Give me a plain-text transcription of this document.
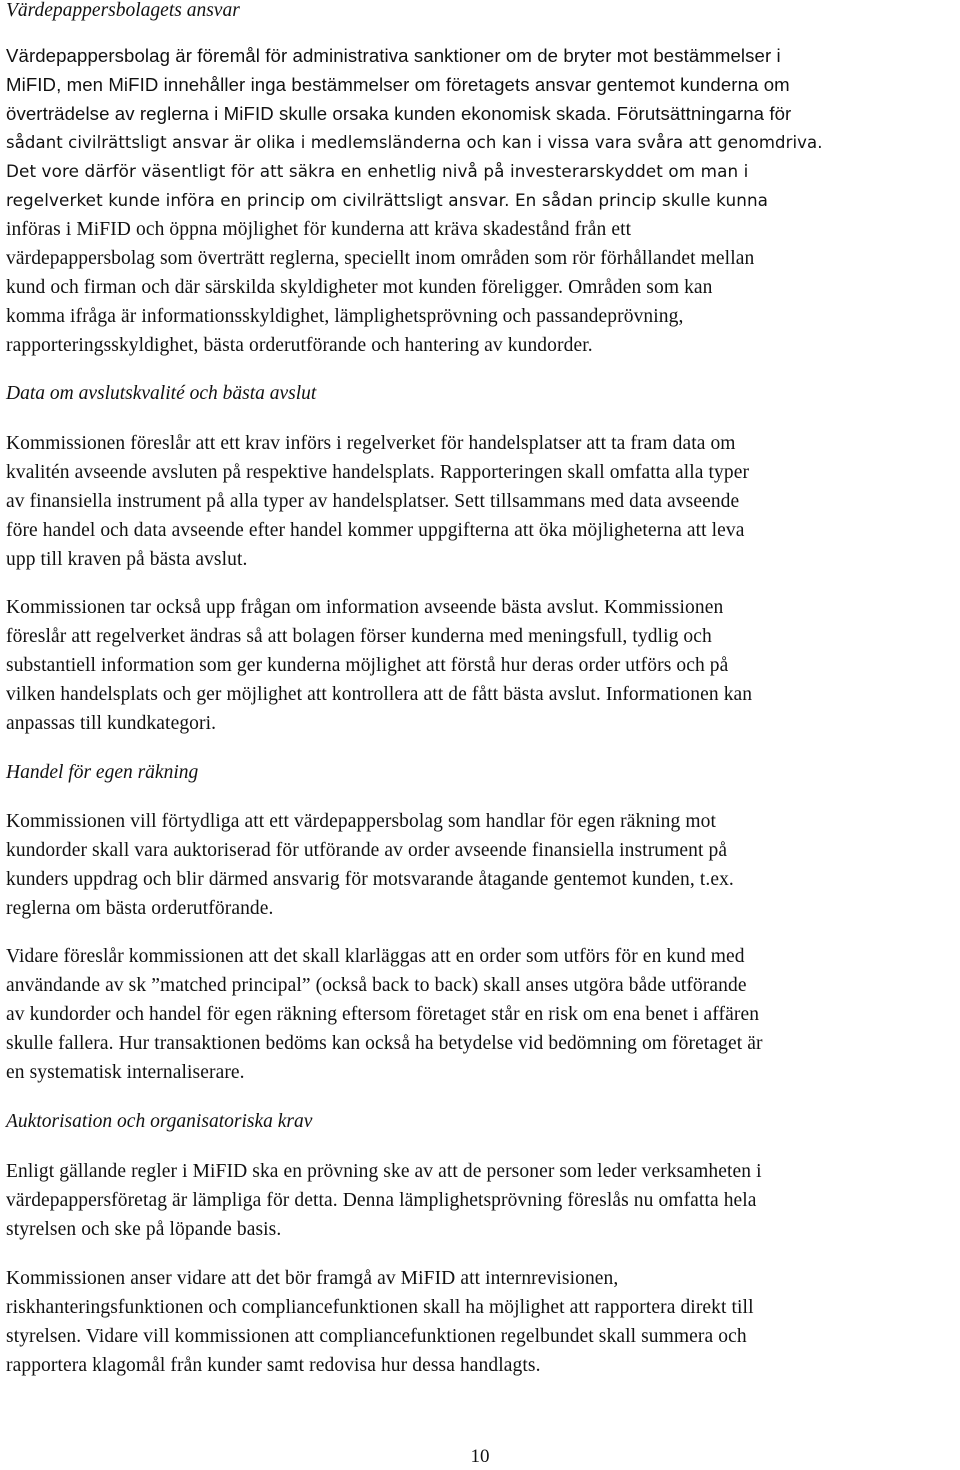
Värdepappersbolagets ansvar
Värdepappersbolag är föremål för administrativa sanktioner om de bryter mot bestämmelser i
MiFID, men MiFID innehåller inga bestämmelser om företagets ansvar gentemot kunderna om
överträdelse av reglerna i MiFID skulle orsaka kunden ekonomisk skada. Förutsättningarna för
sådant civilrättsligt ansvar är olika i medlemsländerna och kan i vissa vara svåra att genomdriva.
Det vore därför väsentligt för att säkra en enhetlig nivå på investerarskyddet om man i
regelverket kunde införa en princip om civilrättsligt ansvar. En sådan princip skulle kunna
införas i MiFID och öppna möjlighet för kunderna att kräva skadestånd från ett
värdepappersbolag som överträtt reglerna, speciellt inom områden som rör förhållandet mellan
kund och firman och där särskilda skyldigheter mot kunden föreligger. Områden som kan
komma ifråga är informationsskyldighet, lämplighetsprövning och passandeprövning,
rapporteringsskyldighet, bästa orderutförande och hantering av kundorder.
Data om avslutskvalité och bästa avslut
Kommissionen föreslår att ett krav införs i regelverket för handelsplatser att ta fram data om
kvalitén avseende avsluten på respektive handelsplats. Rapporteringen skall omfatta alla typer
av finansiella instrument på alla typer av handelsplatser. Sett tillsammans med data avseende
före handel och data avseende efter handel kommer uppgifterna att öka möjligheterna att leva
upp till kraven på bästa avslut.
Kommissionen tar också upp frågan om information avseende bästa avslut. Kommissionen
föreslår att regelverket ändras så att bolagen förser kunderna med meningsfull, tydlig och
substantiell information som ger kunderna möjlighet att förstå hur deras order utförs och på
vilken handelsplats och ger möjlighet att kontrollera att de fått bästa avslut. Informationen kan
anpassas till kundkategori.
Handel för egen räkning
Kommissionen vill förtydliga att ett värdepappersbolag som handlar för egen räkning mot
kundorder skall vara auktoriserad för utförande av order avseende finansiella instrument på
kunders uppdrag och blir därmed ansvarig för motsvarande åtagande gentemot kunden, t.ex.
reglerna om bästa orderutförande.
Vidare föreslår kommissionen att det skall klarläggas att en order som utförs för en kund med
användande av sk ”matched principal” (också back to back) skall anses utgöra både utförande
av kundorder och handel för egen räkning eftersom företaget står en risk om ena benet i affären
skulle fallera. Hur transaktionen bedöms kan också ha betydelse vid bedömning om företaget är
en systematisk internaliserare.
Auktorisation och organisatoriska krav
Enligt gällande regler i MiFID ska en prövning ske av att de personer som leder verksamheten i
värdepappersföretag är lämpliga för detta. Denna lämplighetsprövning föreslås nu omfatta hela
styrelsen och ske på löpande basis.
Kommissionen anser vidare att det bör framgå av MiFID att internrevisionen,
riskhanteringsfunktionen och compliancefunktionen skall ha möjlighet att rapportera direkt till
styrelsen. Vidare vill kommissionen att compliancefunktionen regelbundet skall summera och
rapportera klagomål från kunder samt redovisa hur dessa handlagts.
10
